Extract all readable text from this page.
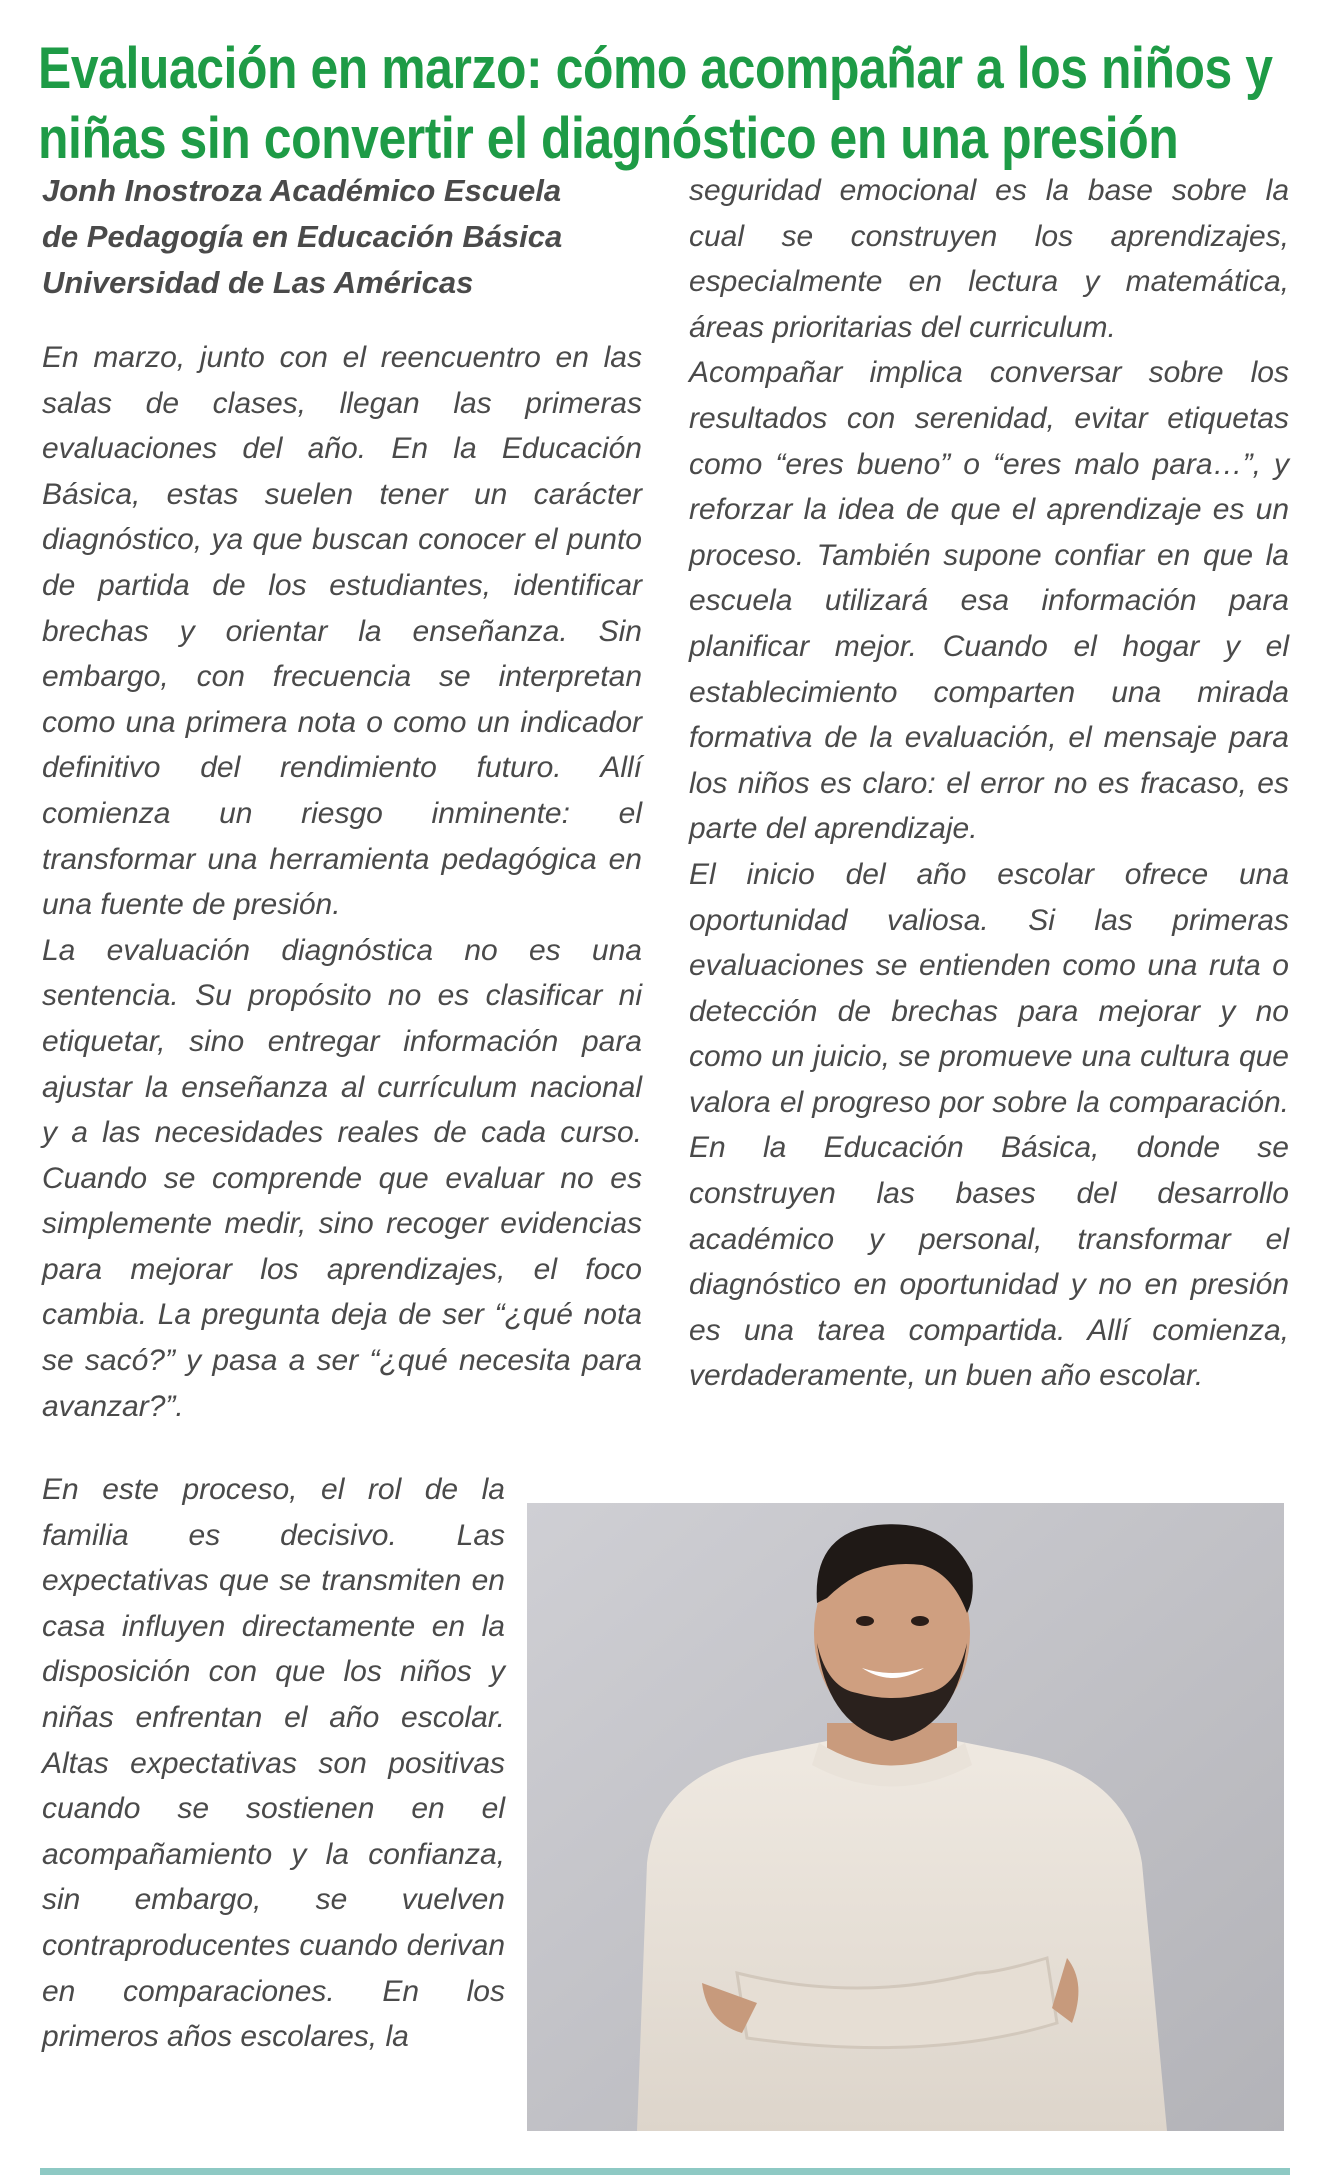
Evaluación en marzo: cómo acompañar a los niños y
niñas sin convertir el diagnóstico en una presión
Jonh Inostroza Académico Escuela
de Pedagogía en Educación Básica
Universidad de Las Américas

En marzo, junto con el reencuentro en las salas de clases, llegan las primeras evaluaciones del año. En la Educación Básica, estas suelen tener un carácter diagnóstico, ya que buscan conocer el punto de partida de los estudiantes, identificar brechas y orientar la enseñanza. Sin embargo, con frecuencia se interpretan como una primera nota o como un indicador definitivo del rendimiento futuro. Allí comienza un riesgo inminente: el transformar una herramienta pedagógica en una fuente de presión.

La evaluación diagnóstica no es una sentencia. Su propósito no es clasificar ni etiquetar, sino entregar información para ajustar la enseñanza al currículum nacional y a las necesidades reales de cada curso. Cuando se comprende que evaluar no es simplemente medir, sino recoger evidencias para mejorar los aprendizajes, el foco cambia. La pregunta deja de ser “¿qué nota se sacó?” y pasa a ser “¿qué necesita para avanzar?”.

En este proceso, el rol de la familia es decisivo. Las expectativas que se transmiten en casa influyen directamente en la disposición con que los niños y niñas enfrentan el año escolar. Altas expectativas son positivas cuando se sostienen en el acompañamiento y la confianza, sin embargo, se vuelven contraproducentes cuando derivan en comparaciones. En los primeros años escolares, la

seguridad emocional es la base sobre la cual se construyen los aprendizajes, especialmente en lectura y matemática, áreas prioritarias del curriculum.

Acompañar implica conversar sobre los resultados con serenidad, evitar etiquetas como “eres bueno” o “eres malo para…”, y reforzar la idea de que el aprendizaje es un proceso. También supone confiar en que la escuela utilizará esa información para planificar mejor. Cuando el hogar y el establecimiento comparten una mirada formativa de la evaluación, el mensaje para los niños es claro: el error no es fracaso, es parte del aprendizaje.

El inicio del año escolar ofrece una oportunidad valiosa. Si las primeras evaluaciones se entienden como una ruta o detección de brechas para mejorar y no como un juicio, se promueve una cultura que valora el progreso por sobre la comparación. En la Educación Básica, donde se construyen las bases del desarrollo académico y personal, transformar el diagnóstico en oportunidad y no en presión es una tarea compartida. Allí comienza, verdaderamente, un buen año escolar.
